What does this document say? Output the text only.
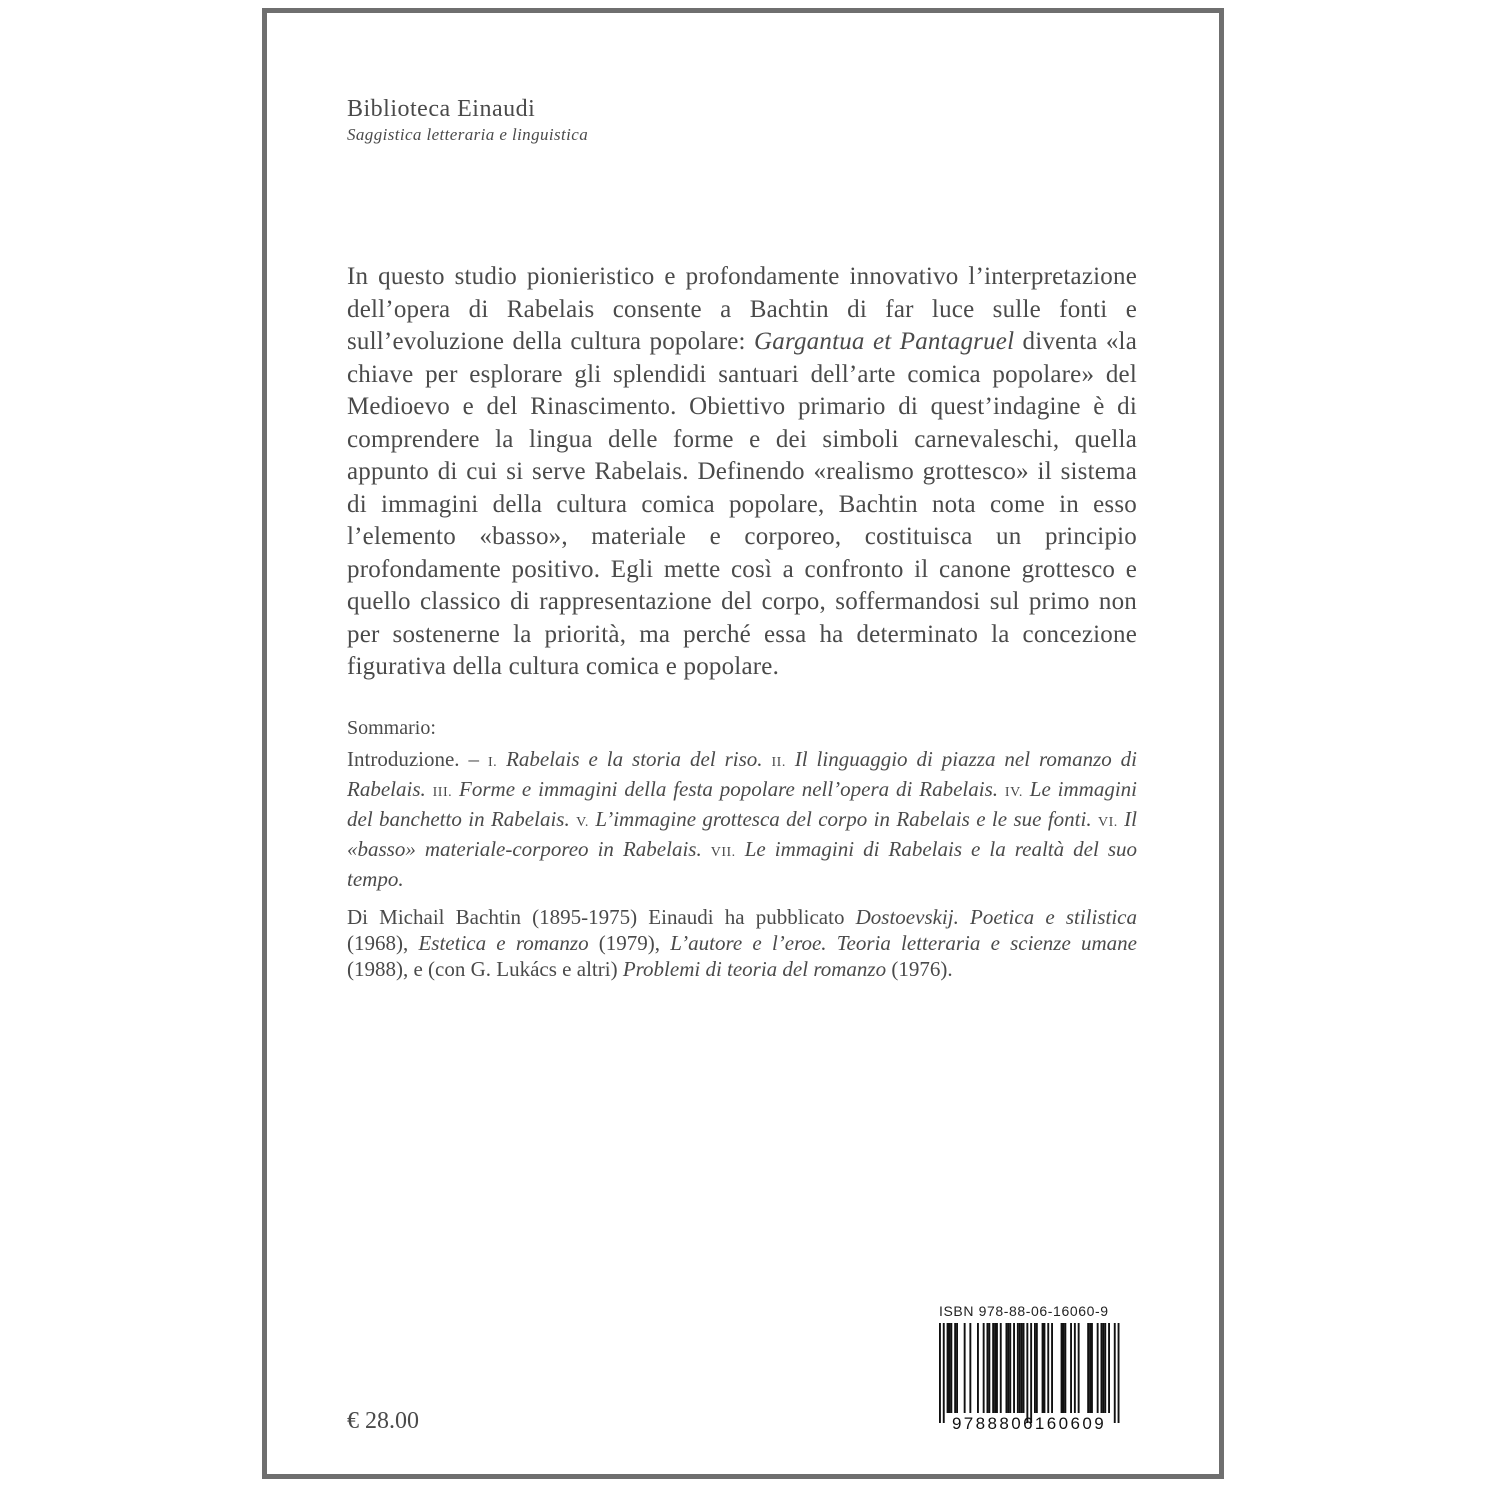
Biblioteca Einaudi
Saggistica letteraria e linguistica

In questo studio pionieristico e profondamente innovativo l’interpretazione dell’opera di Rabelais consente a Bachtin di far luce sulle fonti e sull’evoluzione della cultura popolare: Gargantua et Pantagruel diventa «la chiave per esplorare gli splendidi santuari dell’arte comica popolare» del Medioevo e del Rinascimento. Obiettivo primario di quest’indagine è di comprendere la lingua delle forme e dei simboli carnevaleschi, quella appunto di cui si serve Rabelais. Definendo «realismo grottesco» il sistema di immagini della cultura comica popolare, Bachtin nota come in esso l’elemento «basso», materiale e corporeo, costituisca un principio profondamente positivo. Egli mette così a confronto il canone grottesco e quello classico di rappresentazione del corpo, soffermandosi sul primo non per sostenerne la priorità, ma perché essa ha determinato la concezione figurativa della cultura comica e popolare.

Sommario:

Introduzione. – I. Rabelais e la storia del riso. II. Il linguaggio di piazza nel romanzo di Rabelais. III. Forme e immagini della festa popolare nell’opera di Rabelais. IV. Le immagini del banchetto in Rabelais. V. L’immagine grottesca del corpo in Rabelais e le sue fonti. VI. Il «basso» materiale-corporeo in Rabelais. VII. Le immagini di Rabelais e la realtà del suo tempo.

Di Michail Bachtin (1895-1975) Einaudi ha pubblicato Dostoevskij. Poetica e stilistica (1968), Estetica e romanzo (1979), L’autore e l’eroe. Teoria letteraria e scienze umane (1988), e (con G. Lukács e altri) Problemi di teoria del romanzo (1976).

ISBN 978-88-06-16060-9
9788806160609
€ 28.00
